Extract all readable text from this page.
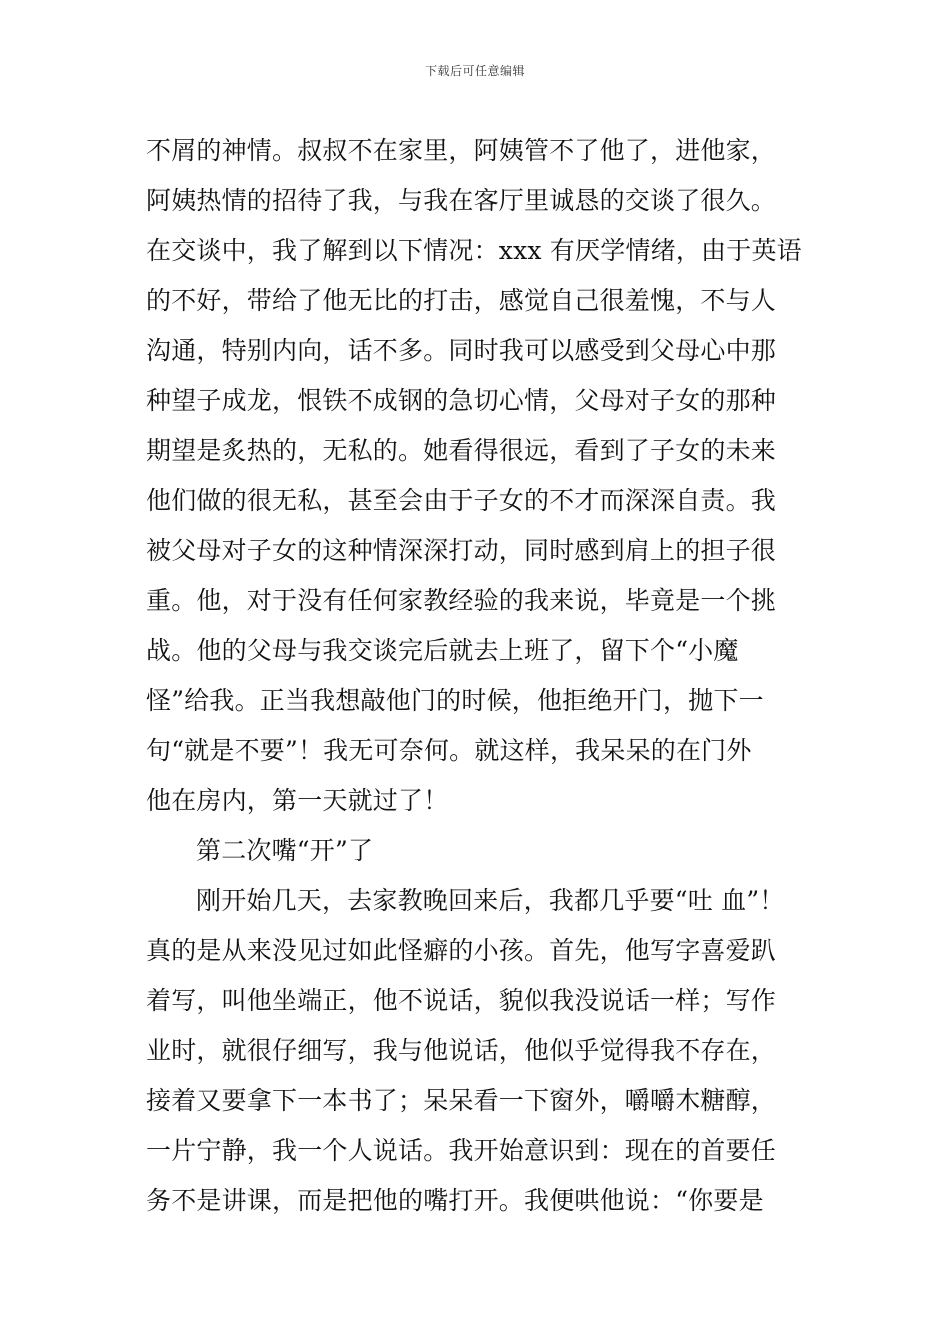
下载后可任意编辑
不屑的神情。叔叔不在家里，阿姨管不了他了，进他家，
阿姨热情的招待了我，与我在客厅里诚恳的交谈了很久。
在交谈中，我了解到以下情况：xxx 有厌学情绪，由于英语
的不好，带给了他无比的打击，感觉自己很羞愧，不与人
沟通，特别内向，话不多。同时我可以感受到父母心中那
种望子成龙，恨铁不成钢的急切心情，父母对子女的那种
期望是炙热的，无私的。她看得很远，看到了子女的未来
他们做的很无私，甚至会由于子女的不才而深深自责。我
被父母对子女的这种情深深打动，同时感到肩上的担子很
重。他，对于没有任何家教经验的我来说，毕竟是一个挑
战。他的父母与我交谈完后就去上班了，留下个“小魔
怪”给我。正当我想敲他门的时候，他拒绝开门，抛下一
句“就是不要”！我无可奈何。就这样，我呆呆的在门外
他在房内，第一天就过了！
第二次嘴“开”了
刚开始几天，去家教晚回来后，我都几乎要“吐 血”！
真的是从来没见过如此怪癖的小孩。首先，他写字喜爱趴
着写，叫他坐端正，他不说话，貌似我没说话一样；写作
业时，就很仔细写，我与他说话，他似乎觉得我不存在，
接着又要拿下一本书了；呆呆看一下窗外，嚼嚼木糖醇，
一片宁静，我一个人说话。我开始意识到：现在的首要任
务不是讲课，而是把他的嘴打开。我便哄他说：“你要是
